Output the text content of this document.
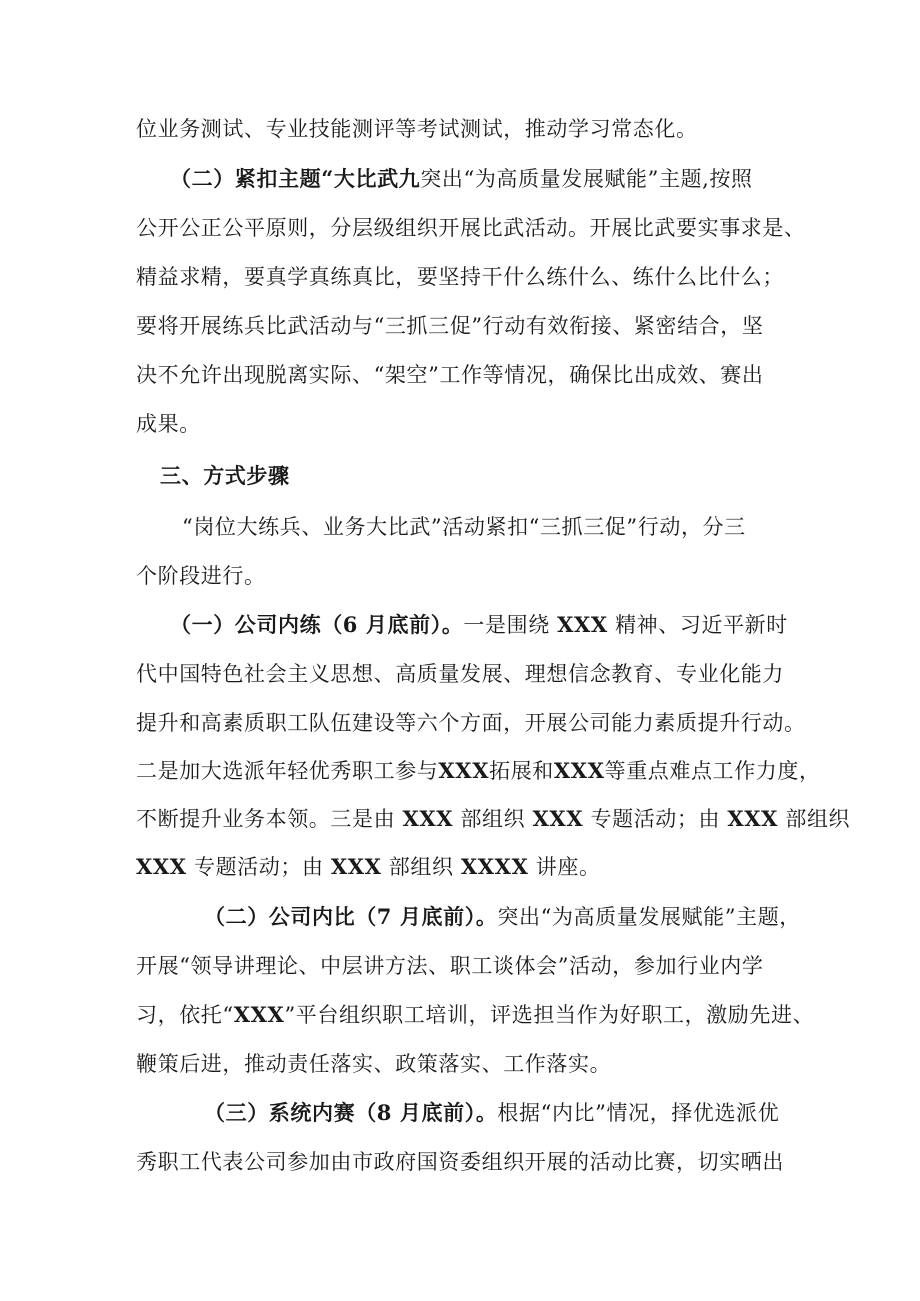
位业务测试、专业技能测评等考试测试，推动学习常态化。
（二）紧扣主题“大比武九突出“为高质量发展赋能”主题,按照
公开公正公平原则，分层级组织开展比武活动。开展比武要实事求是、
精益求精，要真学真练真比，要坚持干什么练什么、练什么比什么；
要将开展练兵比武活动与“三抓三促”行动有效衔接、紧密结合，坚
决不允许出现脱离实际、“架空”工作等情况，确保比出成效、赛出
成果。
三、方式步骤
“岗位大练兵、业务大比武”活动紧扣“三抓三促”行动，分三
个阶段进行。
（一）公司内练（6 月底前）。一是围绕 XXX 精神、习近平新时
代中国特色社会主义思想、高质量发展、理想信念教育、专业化能力
提升和高素质职工队伍建设等六个方面，开展公司能力素质提升行动。
二是加大选派年轻优秀职工参与XXX拓展和XXX等重点难点工作力度，
不断提升业务本领。三是由 XXX 部组织 XXX 专题活动；由 XXX 部组织
XXX 专题活动；由 XXX 部组织 XXXX 讲座。
（二）公司内比（7 月底前）。突出“为高质量发展赋能”主题，
开展“领导讲理论、中层讲方法、职工谈体会”活动，参加行业内学
习，依托“XXX”平台组织职工培训，评选担当作为好职工，激励先进、
鞭策后进，推动责任落实、政策落实、工作落实。
（三）系统内赛（8 月底前）。根据“内比”情况，择优选派优
秀职工代表公司参加由市政府国资委组织开展的活动比赛，切实晒出
